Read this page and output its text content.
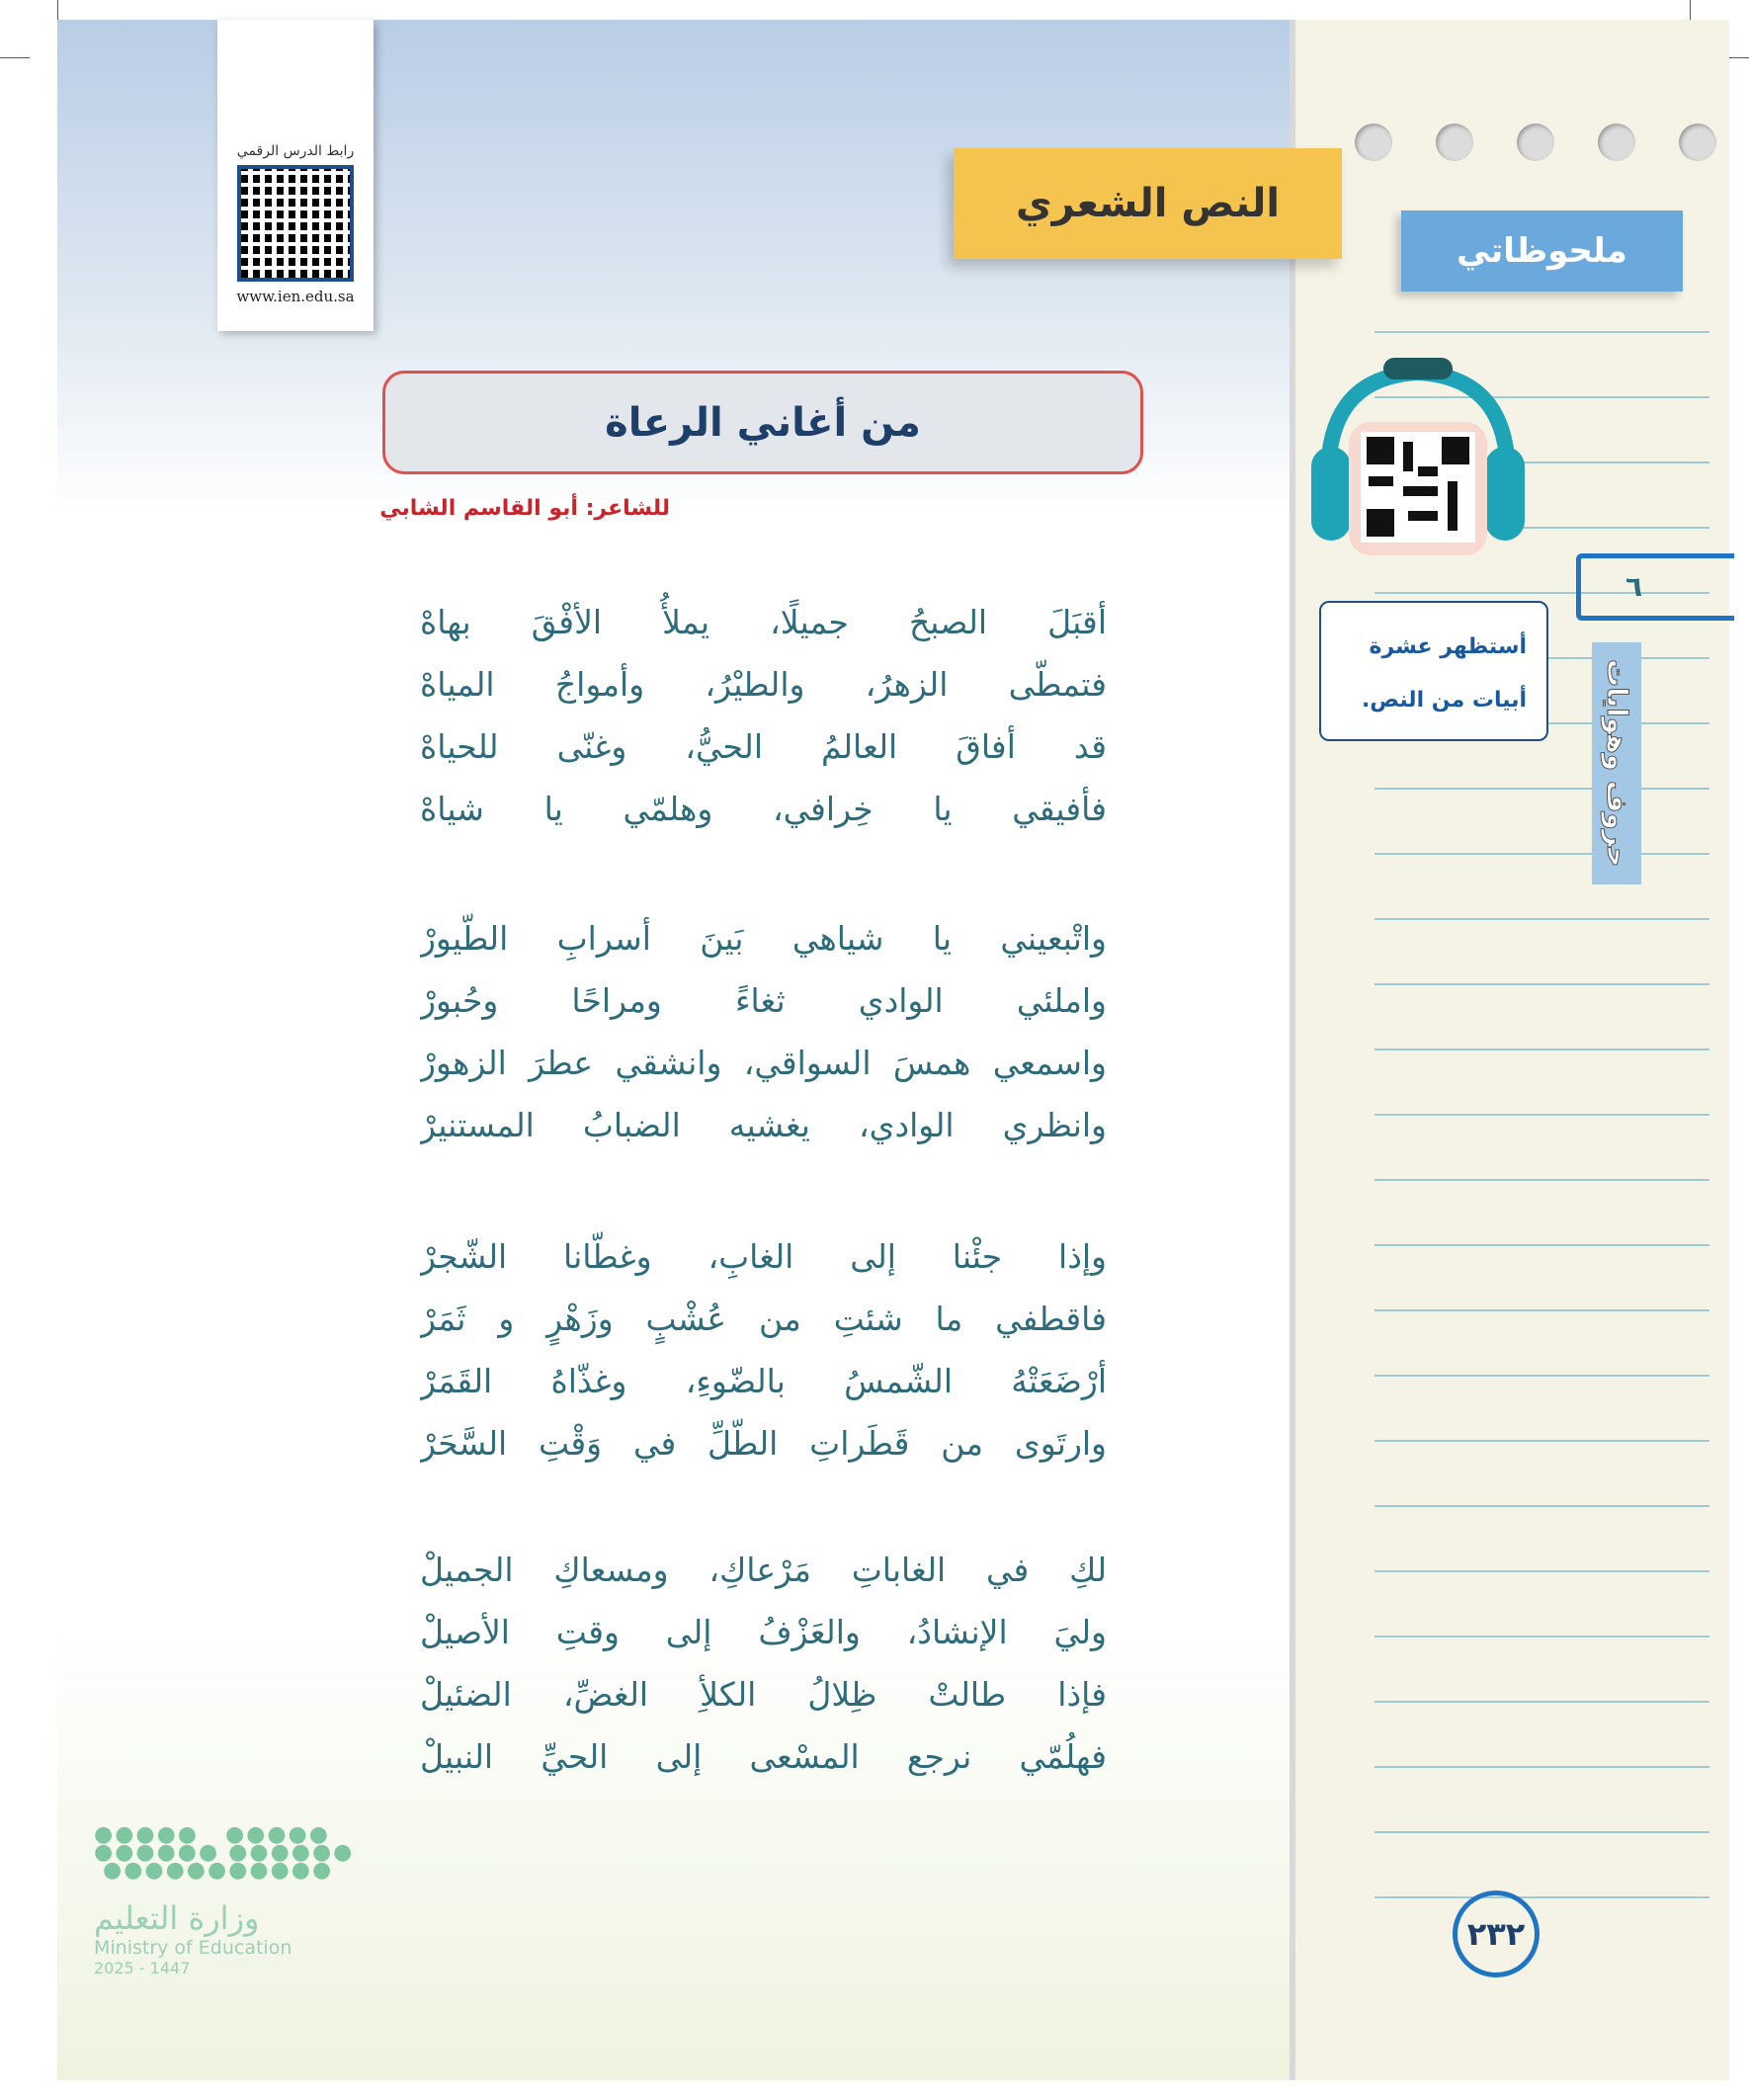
رابط الدرس الرقمي
www.ien.edu.sa
النص الشعري
ملحوظاتي
من أغاني الرعاة
للشاعر: أبو القاسم الشابي
أقبَلَ الصبحُ جميلًا، يملأُ الأفْقَ بهاهْ
فتمطّى الزهرُ، والطيْرُ، وأمواجُ المياهْ
قد أفاقَ العالمُ الحيُّ، وغنّى للحياهْ
فأفيقي يا خِرافي، وهلمّي يا شياهْ
واتْبعيني يا شياهي بَينَ أسرابِ الطّيورْ
واملئي الوادي ثغاءً ومراحًا وحُبورْ
واسمعي همسَ السواقي، وانشقي عطرَ الزهورْ
وانظري الوادي، يغشيه الضبابُ المستنيرْ
وإذا جئْنا إلى الغابِ، وغطّانا الشّجرْ
فاقطفي ما شئتِ من عُشْبٍ وزَهْرٍ و ثَمَرْ
أرْضَعَتْهُ الشّمسُ بالضّوءِ، وغذّاهُ القَمَرْ
وارتَوى من قَطَراتِ الطّلِّ في وَقْتِ السَّحَرْ
لكِ في الغاباتِ مَرْعاكِ، ومسعاكِ الجميلْ
وليَ الإنشادُ، والعَزْفُ إلى وقتِ الأصيلْ
فإذا طالتْ ظِلالُ الكلأِ الغضِّ، الضئيلْ
فهلُمّي نرجع المسْعى إلى الحيِّ النبيلْ
٦
أستظهر عشرة
أبيات من النص.	حروف وهوايات
٢٣٢
●●●●●   ●●●●●
●●●●●● ●●●●●●
●●●●●●●●●●●
وزارة التعليم
Ministry of Education
2025 - 1447
